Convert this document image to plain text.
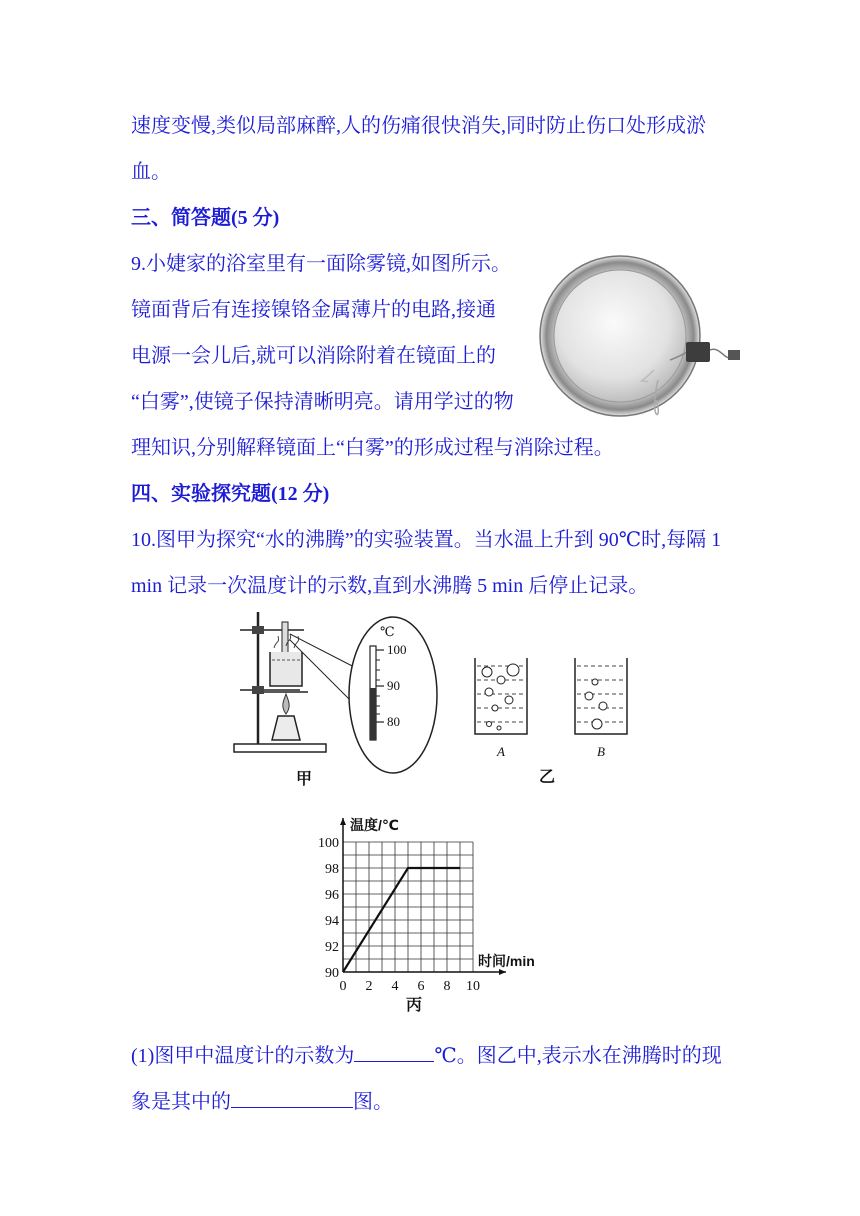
速度变慢,类似局部麻醉,人的伤痛很快消失,同时防止伤口处形成淤
血。
三、简答题(5 分)
9.小婕家的浴室里有一面除雾镜,如图所示。
镜面背后有连接镍铬金属薄片的电路,接通
电源一会儿后,就可以消除附着在镜面上的
“白雾”,使镜子保持清晰明亮。请用学过的物
理知识,分别解释镜面上“白雾”的形成过程与消除过程。
四、实验探究题(12 分)
10.图甲为探究“水的沸腾”的实验装置。当水温上升到 90℃时,每隔 1
min 记录一次温度计的示数,直到水沸腾 5 min 后停止记录。
(1)图甲中温度计的示数为	℃。图乙中,表示水在沸腾时的现
象是其中的	图。
℃
100
90
80
甲
A	B
乙
0 2 4 6 8 10
90
92
94
96
98
100
温度/℃
时间/min
丙
